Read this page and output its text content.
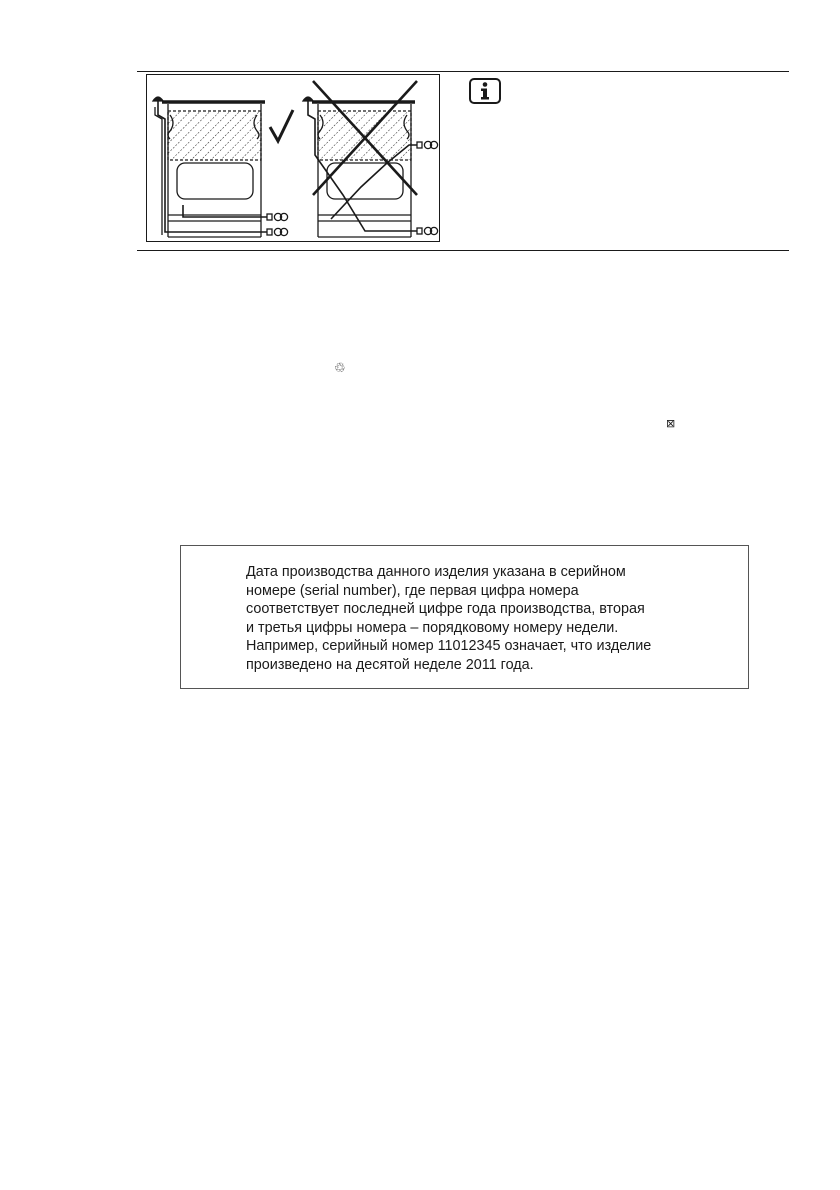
♲
⊠

Дата производства данного изделия указана в серийном
номере (serial number), где первая цифра номера
соответствует последней цифре года производства, вторая
и третья цифры номера – порядковому номеру недели.
Например, серийный номер 11012345 означает, что изделие
произведено на десятой неделе 2011 года.
